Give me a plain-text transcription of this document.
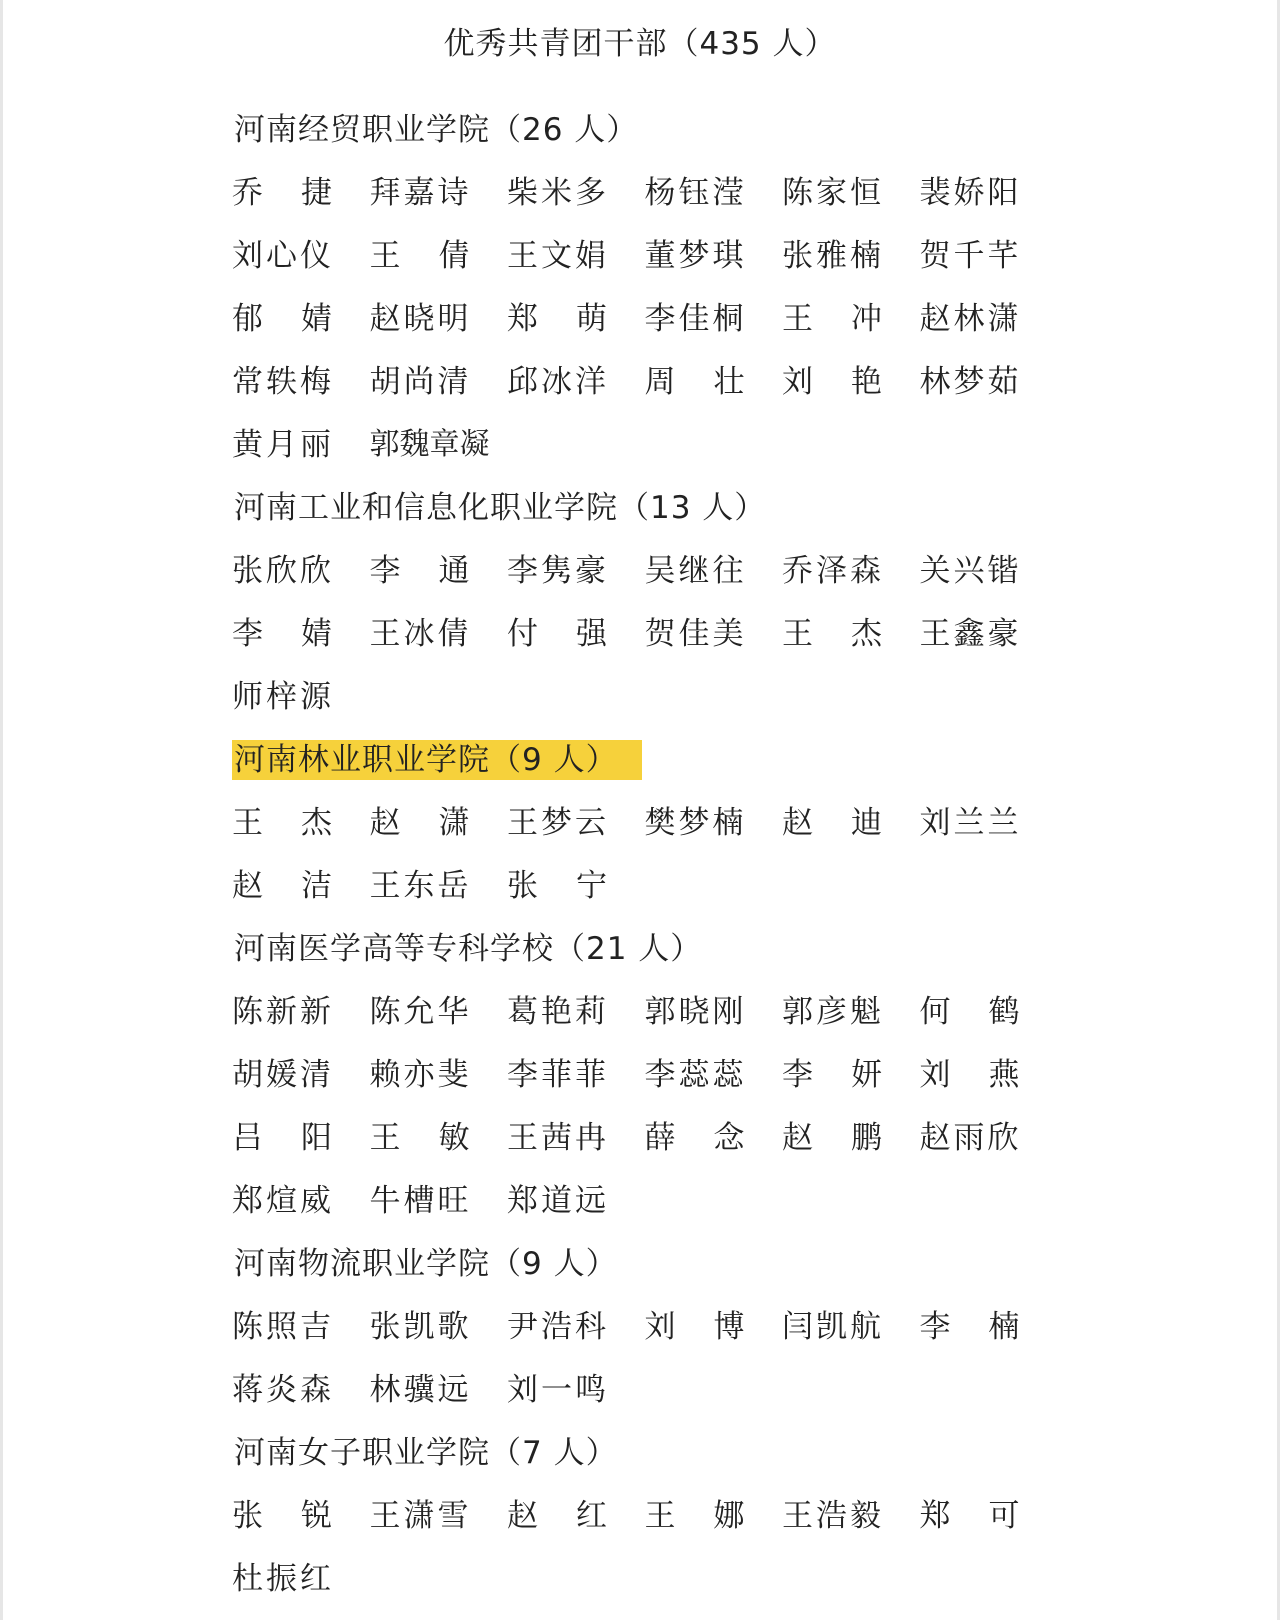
优秀共青团干部（435 人）
河南经贸职业学院（26 人）
乔捷 拜嘉诗 柴米多 杨钰滢 陈家恒 裴娇阳
刘心仪 王倩 王文娟 董梦琪 张雅楠 贺千芊
郁婧 赵晓明 郑萌 李佳桐 王冲 赵林潇
常轶梅 胡尚清 邱冰洋 周壮 刘艳 林梦茹
黄月丽 郭魏章凝
河南工业和信息化职业学院（13 人）
张欣欣 李通 李隽豪 吴继往 乔泽森 关兴锴
李婧 王冰倩 付强 贺佳美 王杰 王鑫豪
师梓源
河南林业职业学院（9 人）
王杰 赵潇 王梦云 樊梦楠 赵迪 刘兰兰
赵洁 王东岳 张宁
河南医学高等专科学校（21 人）
陈新新 陈允华 葛艳莉 郭晓刚 郭彦魁 何鹤
胡媛清 赖亦斐 李菲菲 李蕊蕊 李妍 刘燕
吕阳 王敏 王茜冉 薛念 赵鹏 赵雨欣
郑煊威 牛槽旺 郑道远
河南物流职业学院（9 人）
陈照吉 张凯歌 尹浩科 刘博 闫凯航 李楠
蒋炎森 林骥远 刘一鸣
河南女子职业学院（7 人）
张锐 王潇雪 赵红 王娜 王浩毅 郑可
杜振红
